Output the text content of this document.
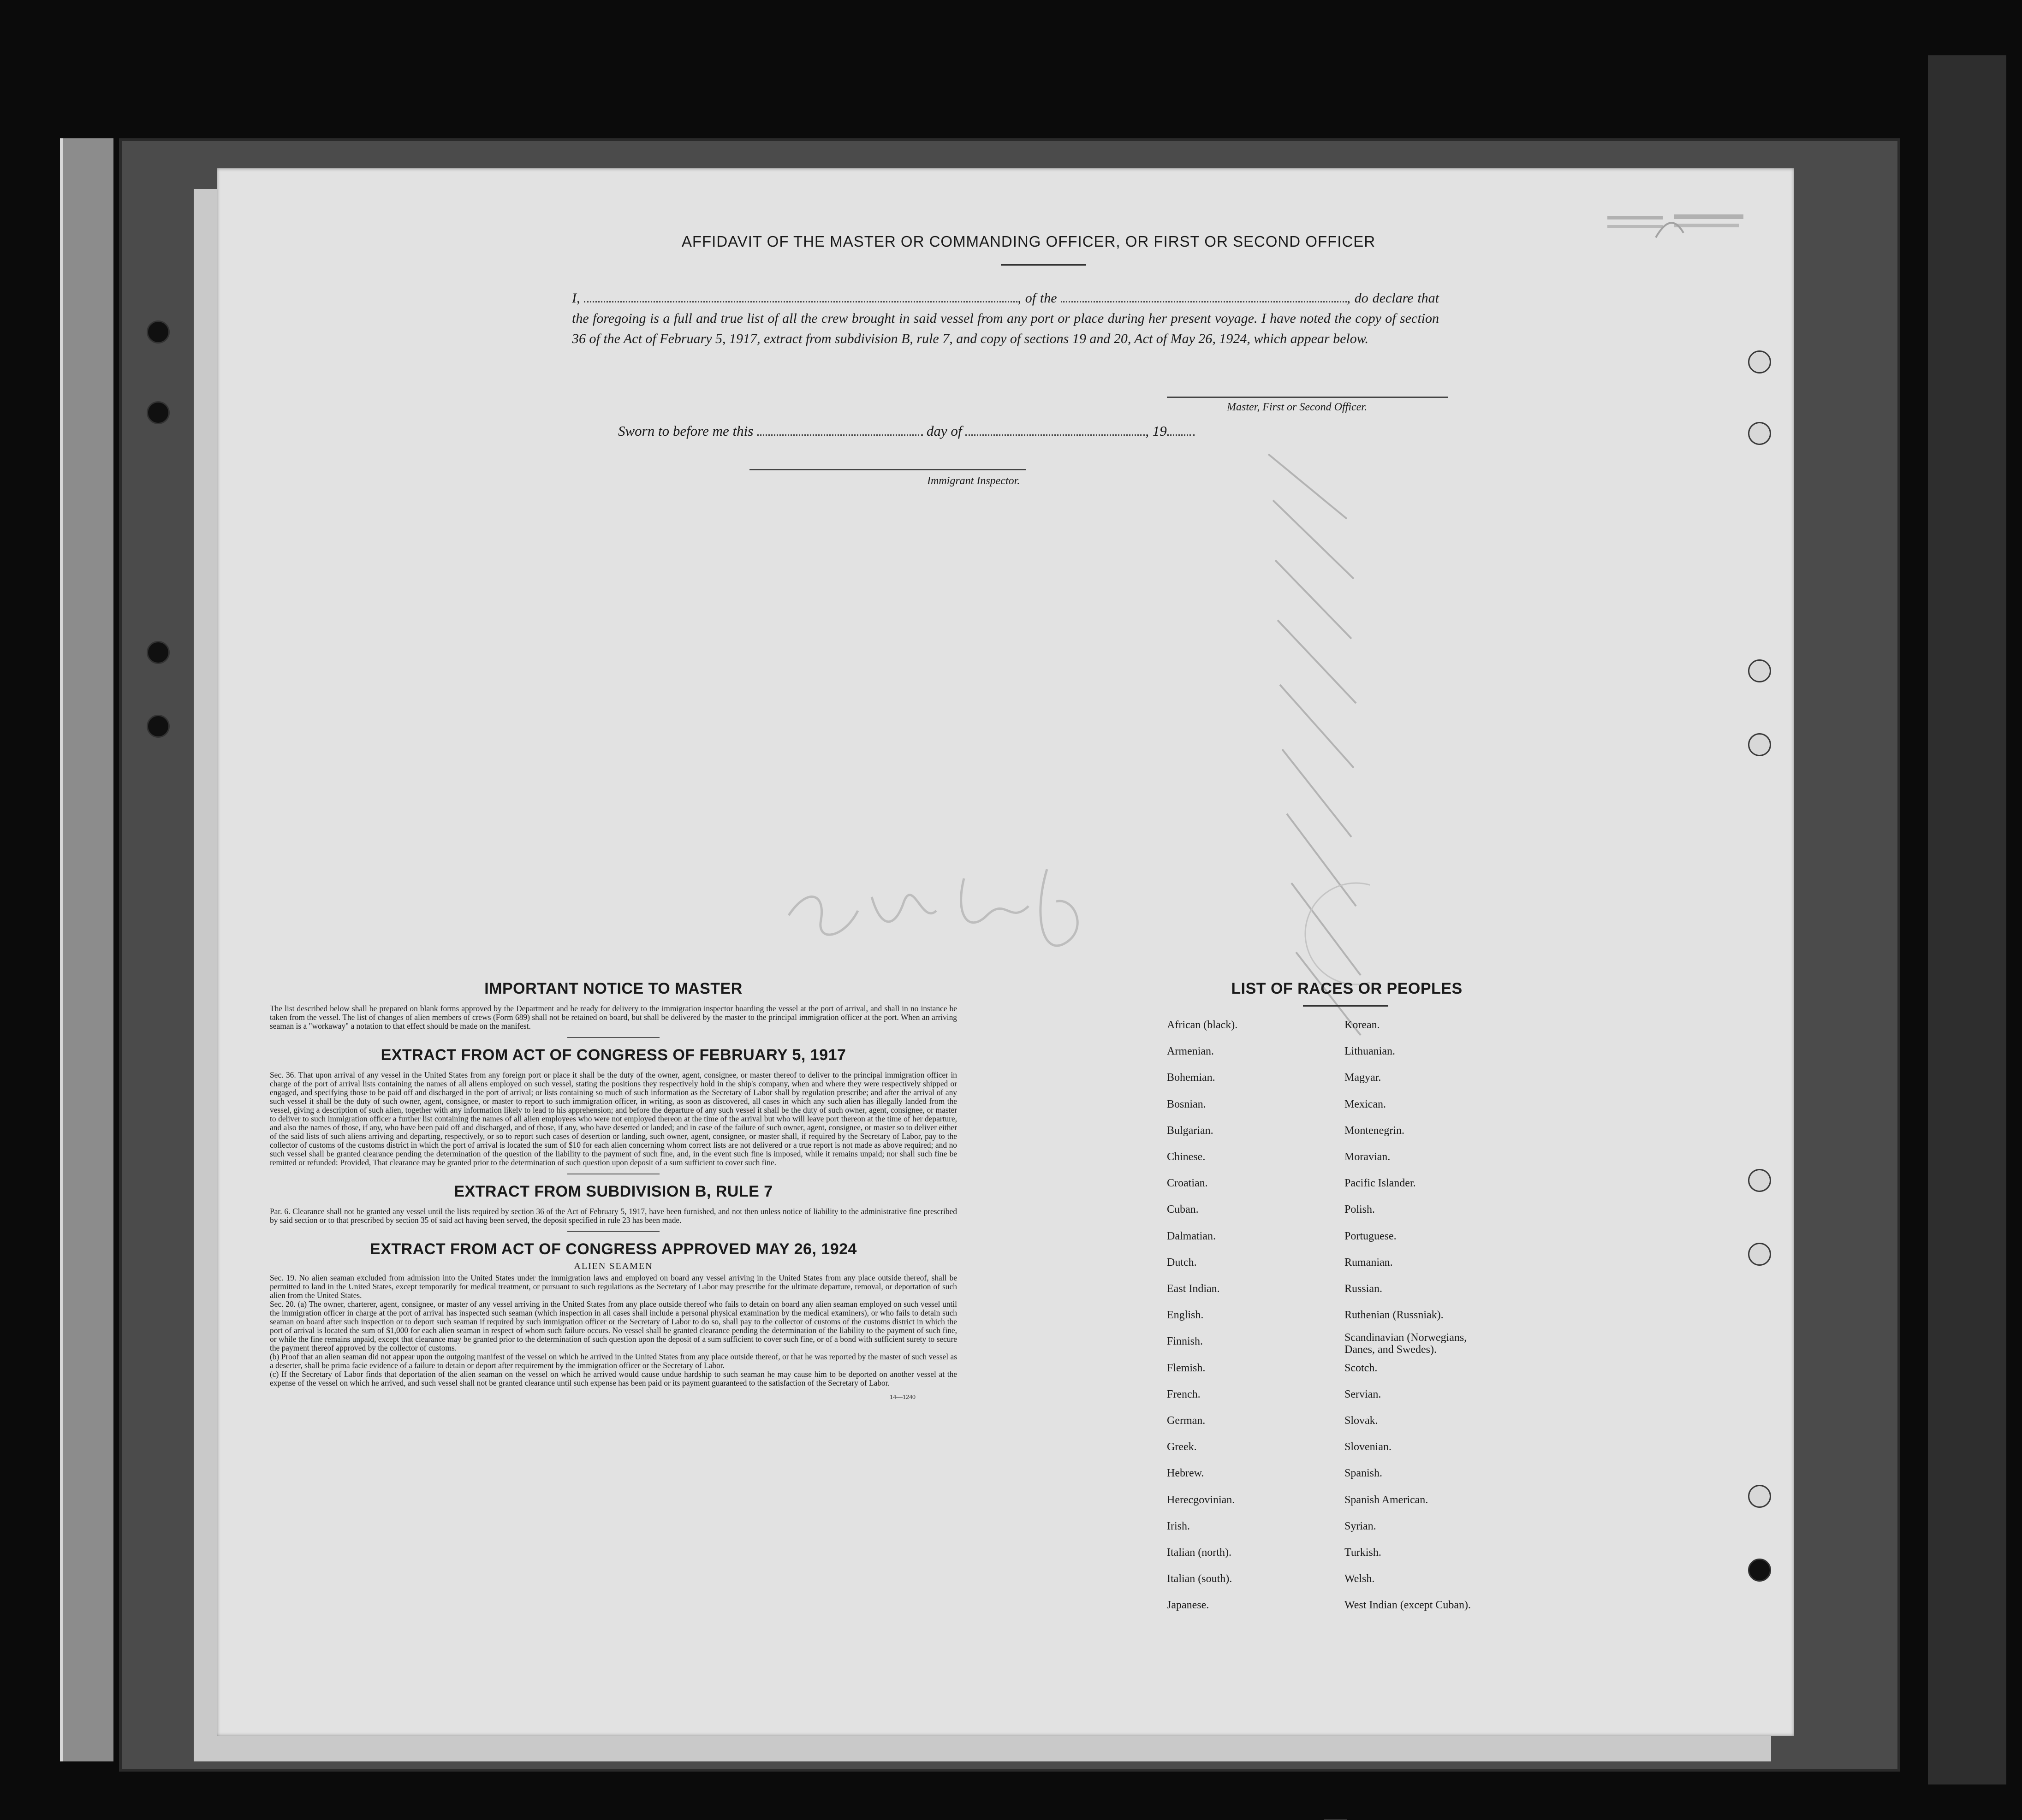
AFFIDAVIT OF THE MASTER OR COMMANDING OFFICER, OR FIRST OR SECOND OFFICER
I,	, of the	, do declare that the foregoing is a full and true list of all the crew brought in said vessel from any port or place during her present voyage. I have noted the copy of section 36 of the Act of February 5, 1917, extract from subdivision B, rule 7, and copy of sections 19 and 20, Act of May 26, 1924, which appear below.
Master, First or Second Officer.
Sworn to before me this	day of	, 19
Immigrant Inspector.
IMPORTANT NOTICE TO MASTER

The list described below shall be prepared on blank forms approved by the Department and be ready for delivery to the immigration inspector boarding the vessel at the port of arrival, and shall in no instance be taken from the vessel. The list of changes of alien members of crews (Form 689) shall not be retained on board, but shall be delivered by the master to the principal immigration officer at the port. When an arriving seaman is a "workaway" a notation to that effect should be made on the manifest.

EXTRACT FROM ACT OF CONGRESS OF FEBRUARY 5, 1917

Sec. 36. That upon arrival of any vessel in the United States from any foreign port or place it shall be the duty of the owner, agent, consignee, or master thereof to deliver to the principal immigration officer in charge of the port of arrival lists containing the names of all aliens employed on such vessel, stating the positions they respectively hold in the ship's company, when and where they were respectively shipped or engaged, and specifying those to be paid off and discharged in the port of arrival; or lists containing so much of such information as the Secretary of Labor shall by regulation prescribe; and after the arrival of any such vessel it shall be the duty of such owner, agent, consignee, or master to report to such immigration officer, in writing, as soon as discovered, all cases in which any such alien has illegally landed from the vessel, giving a description of such alien, together with any information likely to lead to his apprehension; and before the departure of any such vessel it shall be the duty of such owner, agent, consignee, or master to deliver to such immigration officer a further list containing the names of all alien employees who were not employed thereon at the time of the arrival but who will leave port thereon at the time of her departure, and also the names of those, if any, who have been paid off and discharged, and of those, if any, who have deserted or landed; and in case of the failure of such owner, agent, consignee, or master so to deliver either of the said lists of such aliens arriving and departing, respectively, or so to report such cases of desertion or landing, such owner, agent, consignee, or master shall, if required by the Secretary of Labor, pay to the collector of customs of the customs district in which the port of arrival is located the sum of $10 for each alien concerning whom correct lists are not delivered or a true report is not made as above required; and no such vessel shall be granted clearance pending the determination of the question of the liability to the payment of such fine, and, in the event such fine is imposed, while it remains unpaid; nor shall such fine be remitted or refunded: Provided, That clearance may be granted prior to the determination of such question upon deposit of a sum sufficient to cover such fine.

EXTRACT FROM SUBDIVISION B, RULE 7

Par. 6. Clearance shall not be granted any vessel until the lists required by section 36 of the Act of February 5, 1917, have been furnished, and not then unless notice of liability to the administrative fine prescribed by said section or to that prescribed by section 35 of said act having been served, the deposit specified in rule 23 has been made.

EXTRACT FROM ACT OF CONGRESS APPROVED MAY 26, 1924
ALIEN SEAMEN

Sec. 19. No alien seaman excluded from admission into the United States under the immigration laws and employed on board any vessel arriving in the United States from any place outside thereof, shall be permitted to land in the United States, except temporarily for medical treatment, or pursuant to such regulations as the Secretary of Labor may prescribe for the ultimate departure, removal, or deportation of such alien from the United States.

Sec. 20. (a) The owner, charterer, agent, consignee, or master of any vessel arriving in the United States from any place outside thereof who fails to detain on board any alien seaman employed on such vessel until the immigration officer in charge at the port of arrival has inspected such seaman (which inspection in all cases shall include a personal physical examination by the medical examiners), or who fails to detain such seaman on board after such inspection or to deport such seaman if required by such immigration officer or the Secretary of Labor to do so, shall pay to the collector of customs of the customs district in which the port of arrival is located the sum of $1,000 for each alien seaman in respect of whom such failure occurs. No vessel shall be granted clearance pending the determination of the liability to the payment of such fine, or while the fine remains unpaid, except that clearance may be granted prior to the determination of such question upon the deposit of a sum sufficient to cover such fine, or of a bond with sufficient surety to secure the payment thereof approved by the collector of customs.

(b) Proof that an alien seaman did not appear upon the outgoing manifest of the vessel on which he arrived in the United States from any place outside thereof, or that he was reported by the master of such vessel as a deserter, shall be prima facie evidence of a failure to detain or deport after requirement by the immigration officer or the Secretary of Labor.

(c) If the Secretary of Labor finds that deportation of the alien seaman on the vessel on which he arrived would cause undue hardship to such seaman he may cause him to be deported on another vessel at the expense of the vessel on which he arrived, and such vessel shall not be granted clearance until such expense has been paid or its payment guaranteed to the satisfaction of the Secretary of Labor.

14—1240
LIST OF RACES OR PEOPLES
African (black).	Korean.
Armenian.	Lithuanian.
Bohemian.	Magyar.
Bosnian.	Mexican.
Bulgarian.	Montenegrin.
Chinese.	Moravian.
Croatian.	Pacific Islander.
Cuban.	Polish.
Dalmatian.	Portuguese.
Dutch.	Rumanian.
East Indian.	Russian.
English.	Ruthenian (Russniak).
Finnish.	Scandinavian (Norwegians, Danes, and Swedes).
Flemish.	Scotch.
French.	Servian.
German.	Slovak.
Greek.	Slovenian.
Hebrew.	Spanish.
Herecgovinian.	Spanish American.
Irish.	Syrian.
Italian (north).	Turkish.
Italian (south).	Welsh.
Japanese.	West Indian (except Cuban).
